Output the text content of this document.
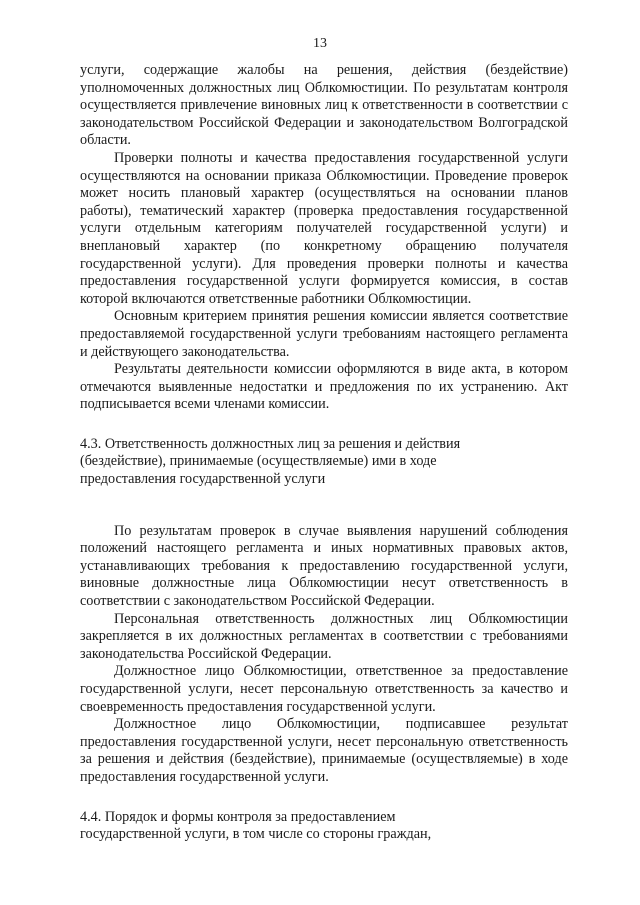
13

услуги, содержащие жалобы на решения, действия (бездействие) уполномоченных должностных лиц Облкомюстиции. По результатам контроля осуществляется привлечение виновных лиц к ответственности в соответствии с законодательством Российской Федерации и законодательством Волгоградской области.

Проверки полноты и качества предоставления государственной услуги осуществляются на основании приказа Облкомюстиции. Проведение проверок может носить плановый характер (осуществляться на основании планов работы), тематический характер (проверка предоставления государственной услуги отдельным категориям получателей государственной услуги) и внеплановый характер (по конкретному обращению получателя государственной услуги). Для проведения проверки полноты и качества предоставления государственной услуги формируется комиссия, в состав которой включаются ответственные работники Облкомюстиции.

Основным критерием принятия решения комиссии является соответствие предоставляемой государственной услуги требованиям настоящего регламента и действующего законодательства.

Результаты деятельности комиссии оформляются в виде акта, в котором отмечаются выявленные недостатки и предложения по их устранению. Акт подписывается всеми членами комиссии.

4.3. Ответственность должностных лиц за решения и действия

(бездействие), принимаемые (осуществляемые) ими в ходе

предоставления государственной услуги

По результатам проверок в случае выявления нарушений соблюдения положений настоящего регламента и иных нормативных правовых актов, устанавливающих требования к предоставлению государственной услуги, виновные должностные лица Облкомюстиции несут ответственность в соответствии с законодательством Российской Федерации.

Персональная ответственность должностных лиц Облкомюстиции закрепляется в их должностных регламентах в соответствии с требованиями законодательства Российской Федерации.

Должностное лицо Облкомюстиции, ответственное за предоставление государственной услуги, несет персональную ответственность за качество и своевременность предоставления государственной услуги.

Должностное лицо Облкомюстиции, подписавшее результат предоставления государственной услуги, несет персональную ответственность за решения и действия (бездействие), принимаемые (осуществляемые) в ходе предоставления государственной услуги.

4.4. Порядок и формы контроля за предоставлением

государственной услуги, в том числе со стороны граждан,
